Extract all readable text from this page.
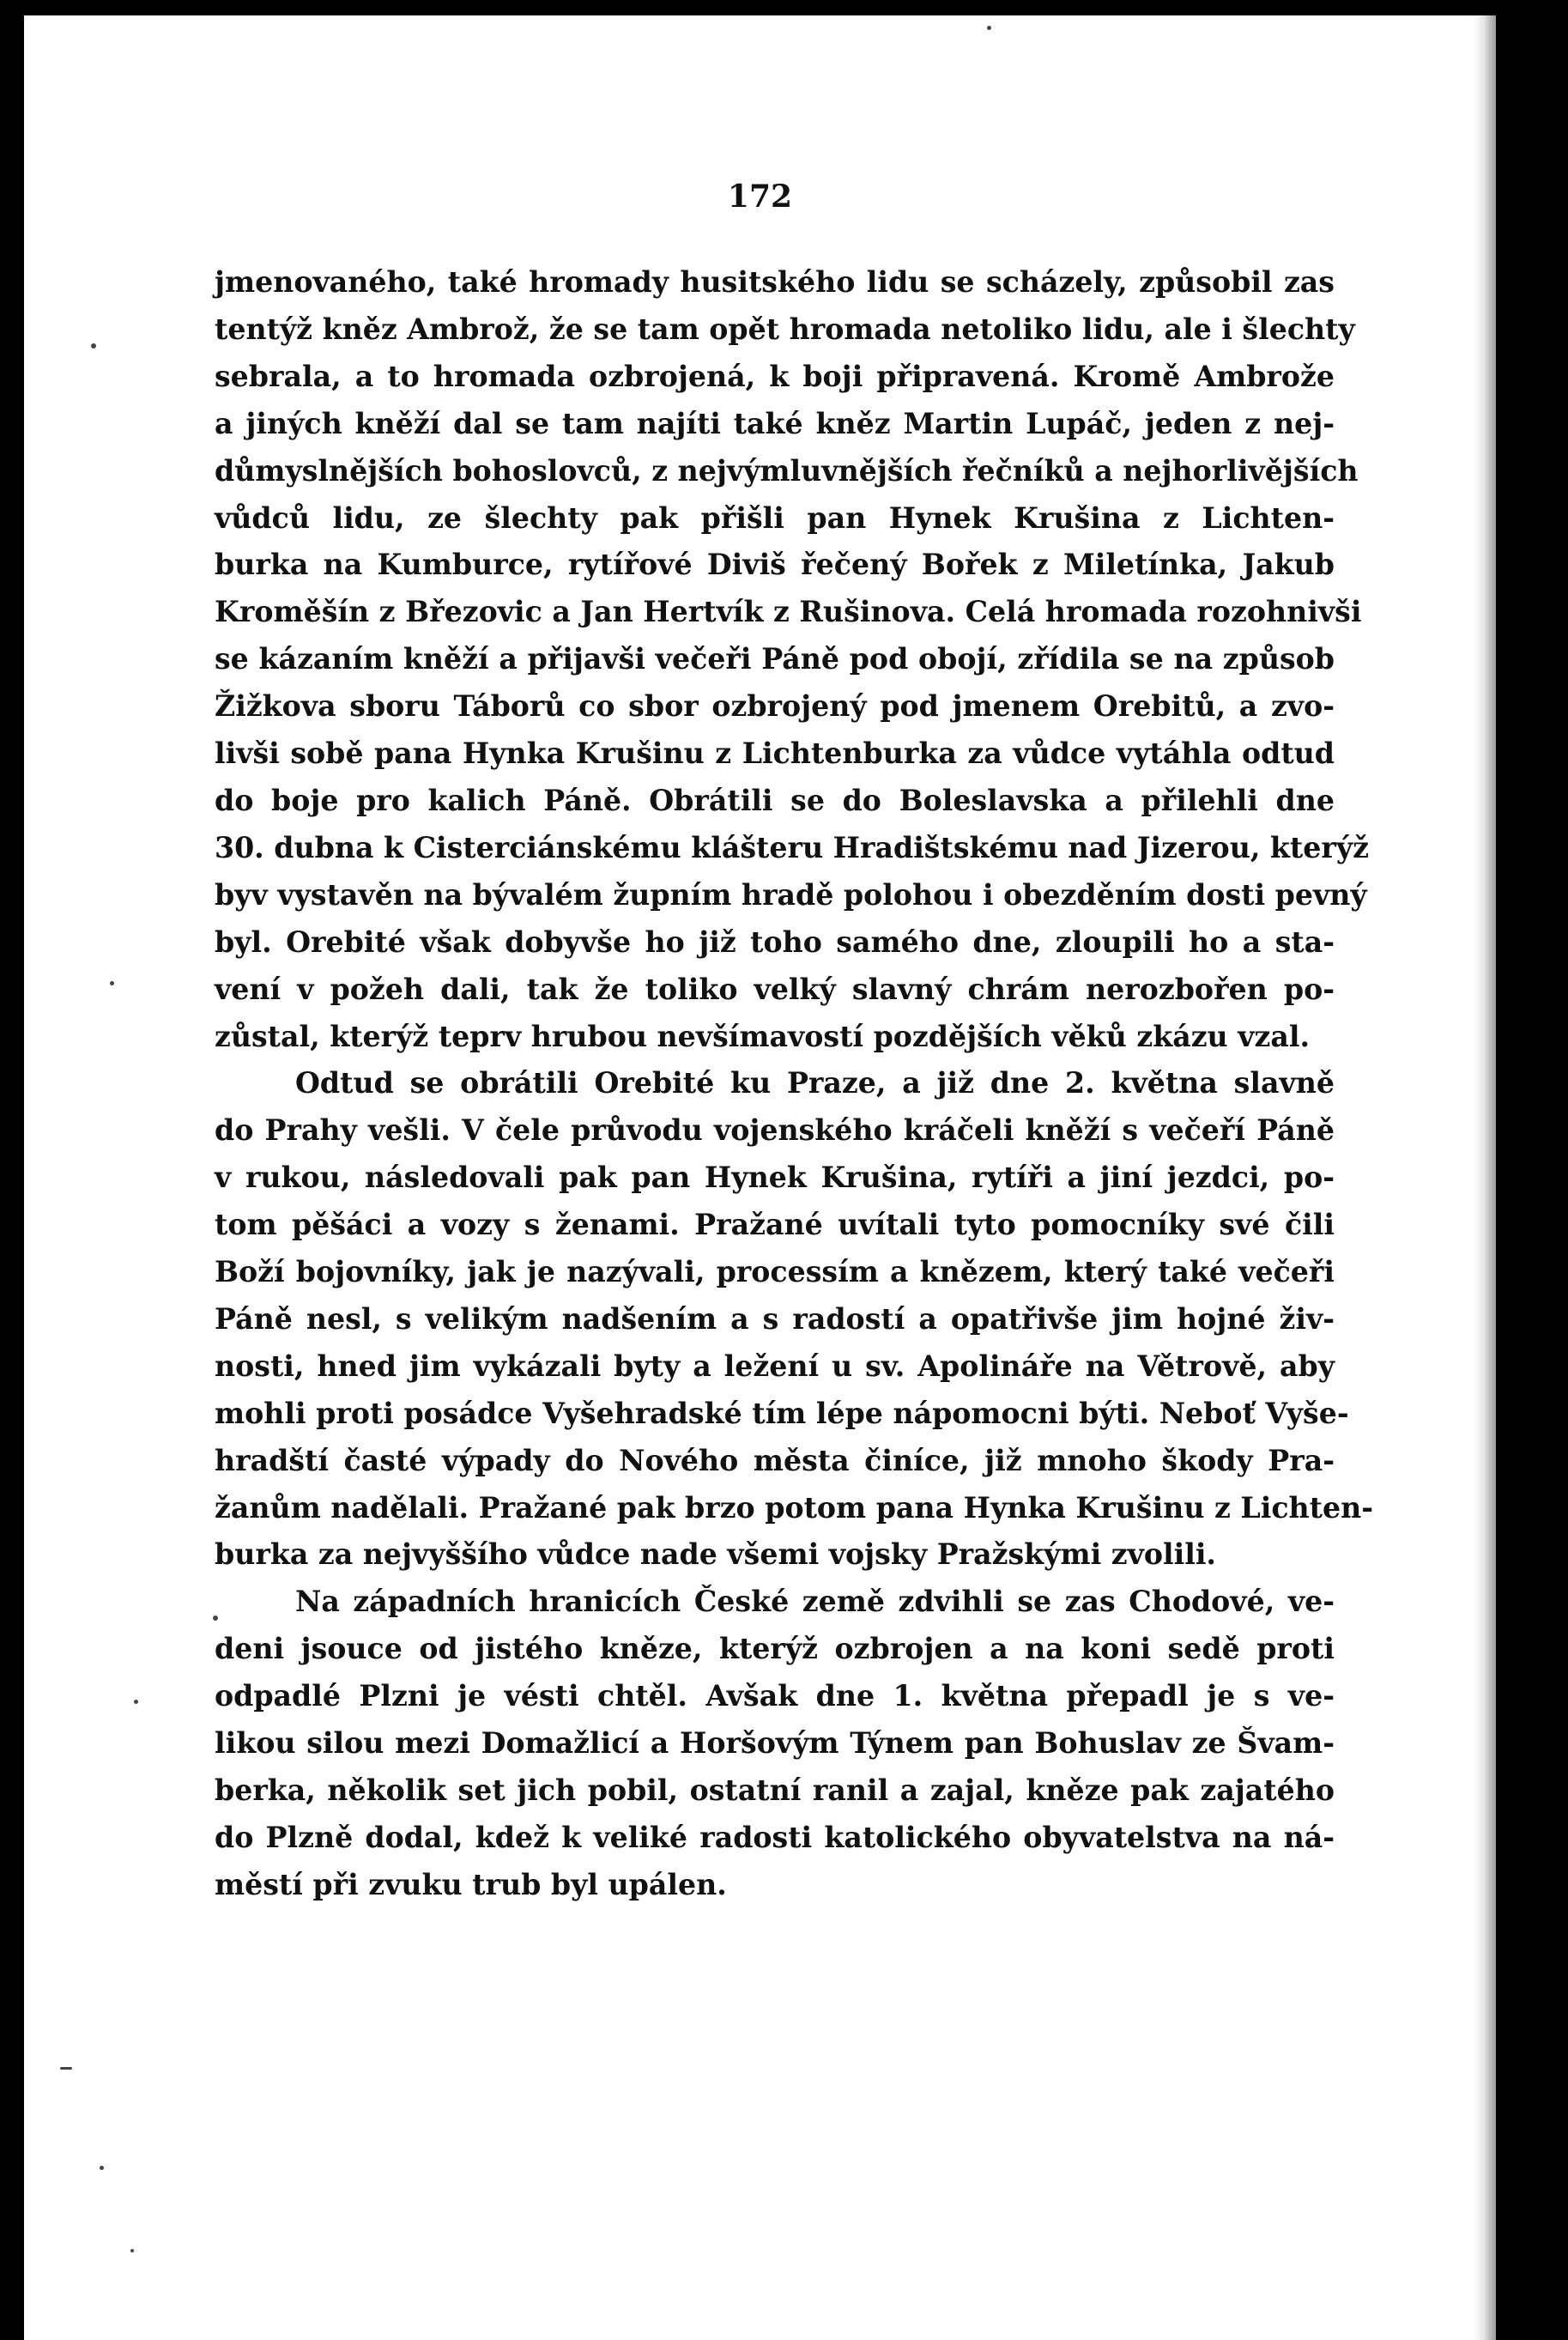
172
jmenovaného, také hromady husitského lidu se scházely, způsobil zas
tentýž kněz Ambrož, že se tam opět hromada netoliko lidu, ale i šlechty
sebrala, a to hromada ozbrojená, k boji připravená. Kromě Ambrože
a jiných kněží dal se tam najíti také kněz Martin Lupáč, jeden z nej-
důmyslnějších bohoslovců, z nejvýmluvnějších řečníků a nejhorlivějších
vůdců lidu, ze šlechty pak přišli pan Hynek Krušina z Lichten-
burka na Kumburce, rytířové Diviš řečený Bořek z Miletínka, Jakub
Kroměšín z Březovic a Jan Hertvík z Rušinova. Celá hromada rozohnivši
se kázaním kněží a přijavši večeři Páně pod obojí, zřídila se na způsob
Žižkova sboru Táborů co sbor ozbrojený pod jmenem Orebitů, a zvo-
livši sobě pana Hynka Krušinu z Lichtenburka za vůdce vytáhla odtud
do boje pro kalich Páně. Obrátili se do Boleslavska a přilehli dne
30. dubna k Cisterciánskému klášteru Hradištskému nad Jizerou, kterýž
byv vystavěn na bývalém župním hradě polohou i obezděním dosti pevný
byl. Orebité však dobyvše ho již toho samého dne, zloupili ho a sta-
vení v požeh dali, tak že toliko velký slavný chrám nerozbořen po-
zůstal, kterýž teprv hrubou nevšímavostí pozdějších věků zkázu vzal.
Odtud se obrátili Orebité ku Praze, a již dne 2. května slavně
do Prahy vešli. V čele průvodu vojenského kráčeli kněží s večeří Páně
v rukou, následovali pak pan Hynek Krušina, rytíři a jiní jezdci, po-
tom pěšáci a vozy s ženami. Pražané uvítali tyto pomocníky své čili
Boží bojovníky, jak je nazývali, processím a knězem, který také večeři
Páně nesl, s velikým nadšením a s radostí a opatřivše jim hojné živ-
nosti, hned jim vykázali byty a ležení u sv. Apolináře na Větrově, aby
mohli proti posádce Vyšehradské tím lépe nápomocni býti. Neboť Vyše-
hradští časté výpady do Nového města činíce, již mnoho škody Pra-
žanům nadělali. Pražané pak brzo potom pana Hynka Krušinu z Lichten-
burka za nejvyššího vůdce nade všemi vojsky Pražskými zvolili.
Na západních hranicích České země zdvihli se zas Chodové, ve-
deni jsouce od jistého kněze, kterýž ozbrojen a na koni sedě proti
odpadlé Plzni je vésti chtěl. Avšak dne 1. května přepadl je s ve-
likou silou mezi Domažlicí a Horšovým Týnem pan Bohuslav ze Švam-
berka, několik set jich pobil, ostatní ranil a zajal, kněze pak zajatého
do Plzně dodal, kdež k veliké radosti katolického obyvatelstva na ná-
městí při zvuku trub byl upálen.
